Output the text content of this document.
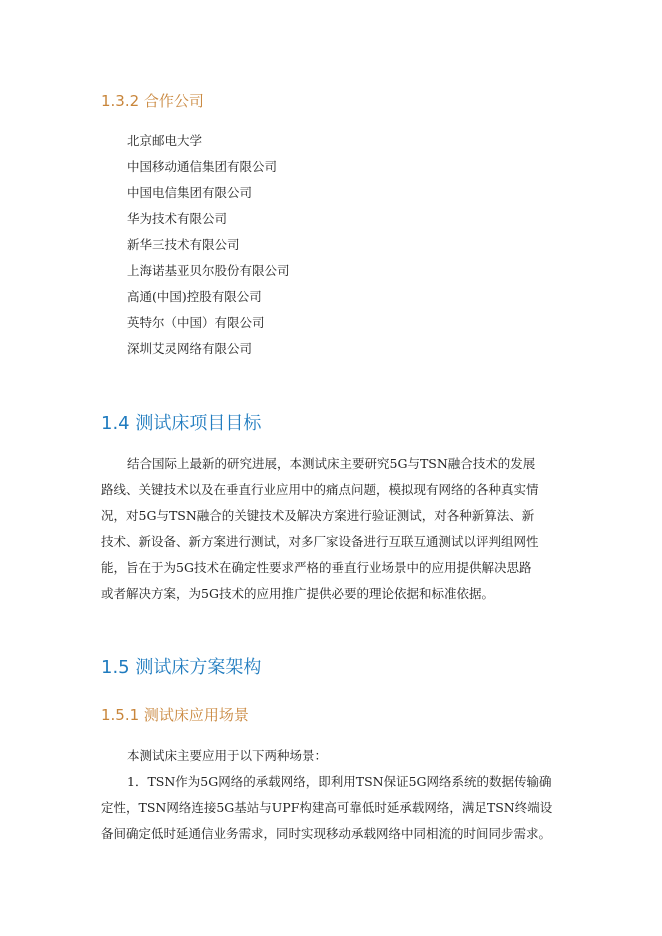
1.3.2 合作公司
北京邮电大学
中国移动通信集团有限公司
中国电信集团有限公司
华为技术有限公司
新华三技术有限公司
上海诺基亚贝尔股份有限公司
高通(中国)控股有限公司
英特尔（中国）有限公司
深圳艾灵网络有限公司
1.4 测试床项目目标
结合国际上最新的研究进展，本测试床主要研究5G与TSN融合技术的发展
路线、关键技术以及在垂直行业应用中的痛点问题，模拟现有网络的各种真实情
况，对5G与TSN融合的关键技术及解决方案进行验证测试，对各种新算法、新
技术、新设备、新方案进行测试，对多厂家设备进行互联互通测试以评判组网性
能，旨在于为5G技术在确定性要求严格的垂直行业场景中的应用提供解决思路
或者解决方案，为5G技术的应用推广提供必要的理论依据和标准依据。
1.5 测试床方案架构
1.5.1 测试床应用场景
本测试床主要应用于以下两种场景：
1．TSN作为5G网络的承载网络，即利用TSN保证5G网络系统的数据传输确
定性，TSN网络连接5G基站与UPF构建高可靠低时延承载网络，满足TSN终端设
备间确定低时延通信业务需求，同时实现移动承载网络中同相流的时间同步需求。
